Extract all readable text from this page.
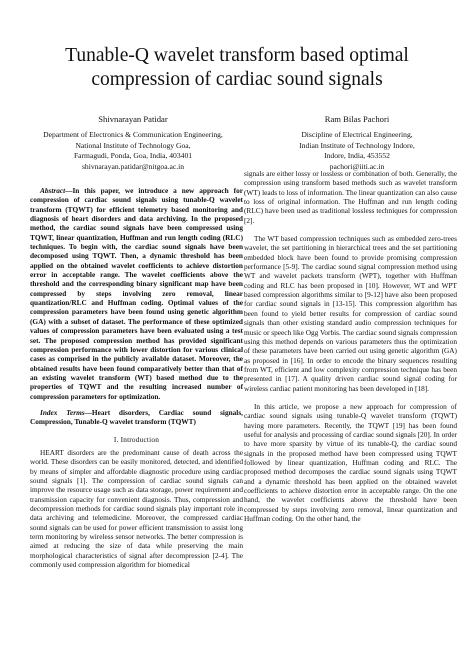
Tunable-Q wavelet transform based optimal
compression of cardiac sound signals
Shivnarayan Patidar
Department of Electronics & Communication Engineering,
National Institute of Technology Goa,
Farmagudi, Ponda, Goa, India, 403401
shivnarayan.patidar@nitgoa.ac.in
Ram Bilas Pachori
Discipline of Electrical Engineering,
Indian Institute of Technology Indore,
Indore, India, 453552
pachori@iiti.ac.in

Abstract—In this paper, we introduce a new approach for compression of cardiac sound signals using tunable-Q wavelet transform (TQWT) for efficient telemetry based monitoring and diagnosis of heart disorders and data archiving. In the proposed method, the cardiac sound signals have been compressed using TQWT, linear quantization, Huffman and run length coding (RLC) techniques. To begin with, the cardiac sound signals have been decomposed using TQWT. Then, a dynamic threshold has been applied on the obtained wavelet coefficients to achieve distortion error in acceptable range. The wavelet coefficients above the threshold and the corresponding binary significant map have been compressed by steps involving zero removal, linear quantization/RLC and Huffman coding. Optimal values of the compression parameters have been found using genetic algorithm (GA) with a subset of dataset. The performance of these optimized values of compression parameters have been evaluated using a test set. The proposed compression method has provided significant compression performance with lower distortion for various clinical cases as comprised in the publicly available dataset. Moreover, the obtained results have been found comparatively better than that of an existing wavelet transform (WT) based method due to the properties of TQWT and the resulting increased number of compression parameters for optimization.

Index Terms—Heart disorders, Cardiac sound signals, Compression, Tunable-Q wavelet transform (TQWT)

I. Introduction

HEART disorders are the predominant cause of death across the world. These disorders can be easily monitored, detected, and identified by means of simpler and affordable diagnostic procedure using cardiac sound signals [1]. The compression of cardiac sound signals can improve the resource usage such as data storage, power requirement and transmission capacity for convenient diagnosis. Thus, compression and decompression methods for cardiac sound signals play important role in data archiving and telemedicine. Moreover, the compressed cardiac sound signals can be used for power efficient transmission to assist long term monitoring by wireless sensor networks. The better compression is aimed at reducing the size of data while preserving the main morphological characteristics of signal after decompression [2-4]. The commonly used compression algorithm for biomedical

signals are either lossy or lossless or combination of both. Generally, the compression using transform based methods such as wavelet transform (WT) leads to loss of information. The linear quantization can also cause to loss of original information. The Huffman and run length coding (RLC) have been used as traditional lossless techniques for compression [2].

The WT based compression techniques such as embedded zero-trees wavelet, the set partitioning in hierarchical trees and the set partitioning embedded block have been found to provide promising compression performance [5-9]. The cardiac sound signal compression method using WT and wavelet packets transform (WPT), together with Huffman coding and RLC has been proposed in [10]. However, WT and WPT based compression algorithms similar to [9-12] have also been proposed for cardiac sound signals in [13-15]. This compression algorithm has been found to yield better results for compression of cardiac sound signals than other existing standard audio compression techniques for music or speech like Ogg Vorbis. The cardiac sound signals compression using this method depends on various parameters thus the optimization of these parameters have been carried out using genetic algorithm (GA) as proposed in [16]. In order to encode the binary sequences resulting from WT, efficient and low complexity compression technique has been presented in [17]. A quality driven cardiac sound signal coding for wireless cardiac patient monitoring has been developed in [18].

In this article, we propose a new approach for compression of cardiac sound signals using tunable-Q wavelet transform (TQWT) having more parameters. Recently, the TQWT [19] has been found useful for analysis and processing of cardiac sound signals [20]. In order to have more sparsity by virtue of its tunable-Q, the cardiac sound signals in the proposed method have been compressed using TQWT followed by linear quantization, Huffman coding and RLC. The proposed method decomposes the cardiac sound signals using TQWT and a dynamic threshold has been applied on the obtained wavelet coefficients to achieve distortion error in acceptable range. On the one hand, the wavelet coefficients above the threshold have been compressed by steps involving zero removal, linear quantization and Huffman coding. On the other hand, the
